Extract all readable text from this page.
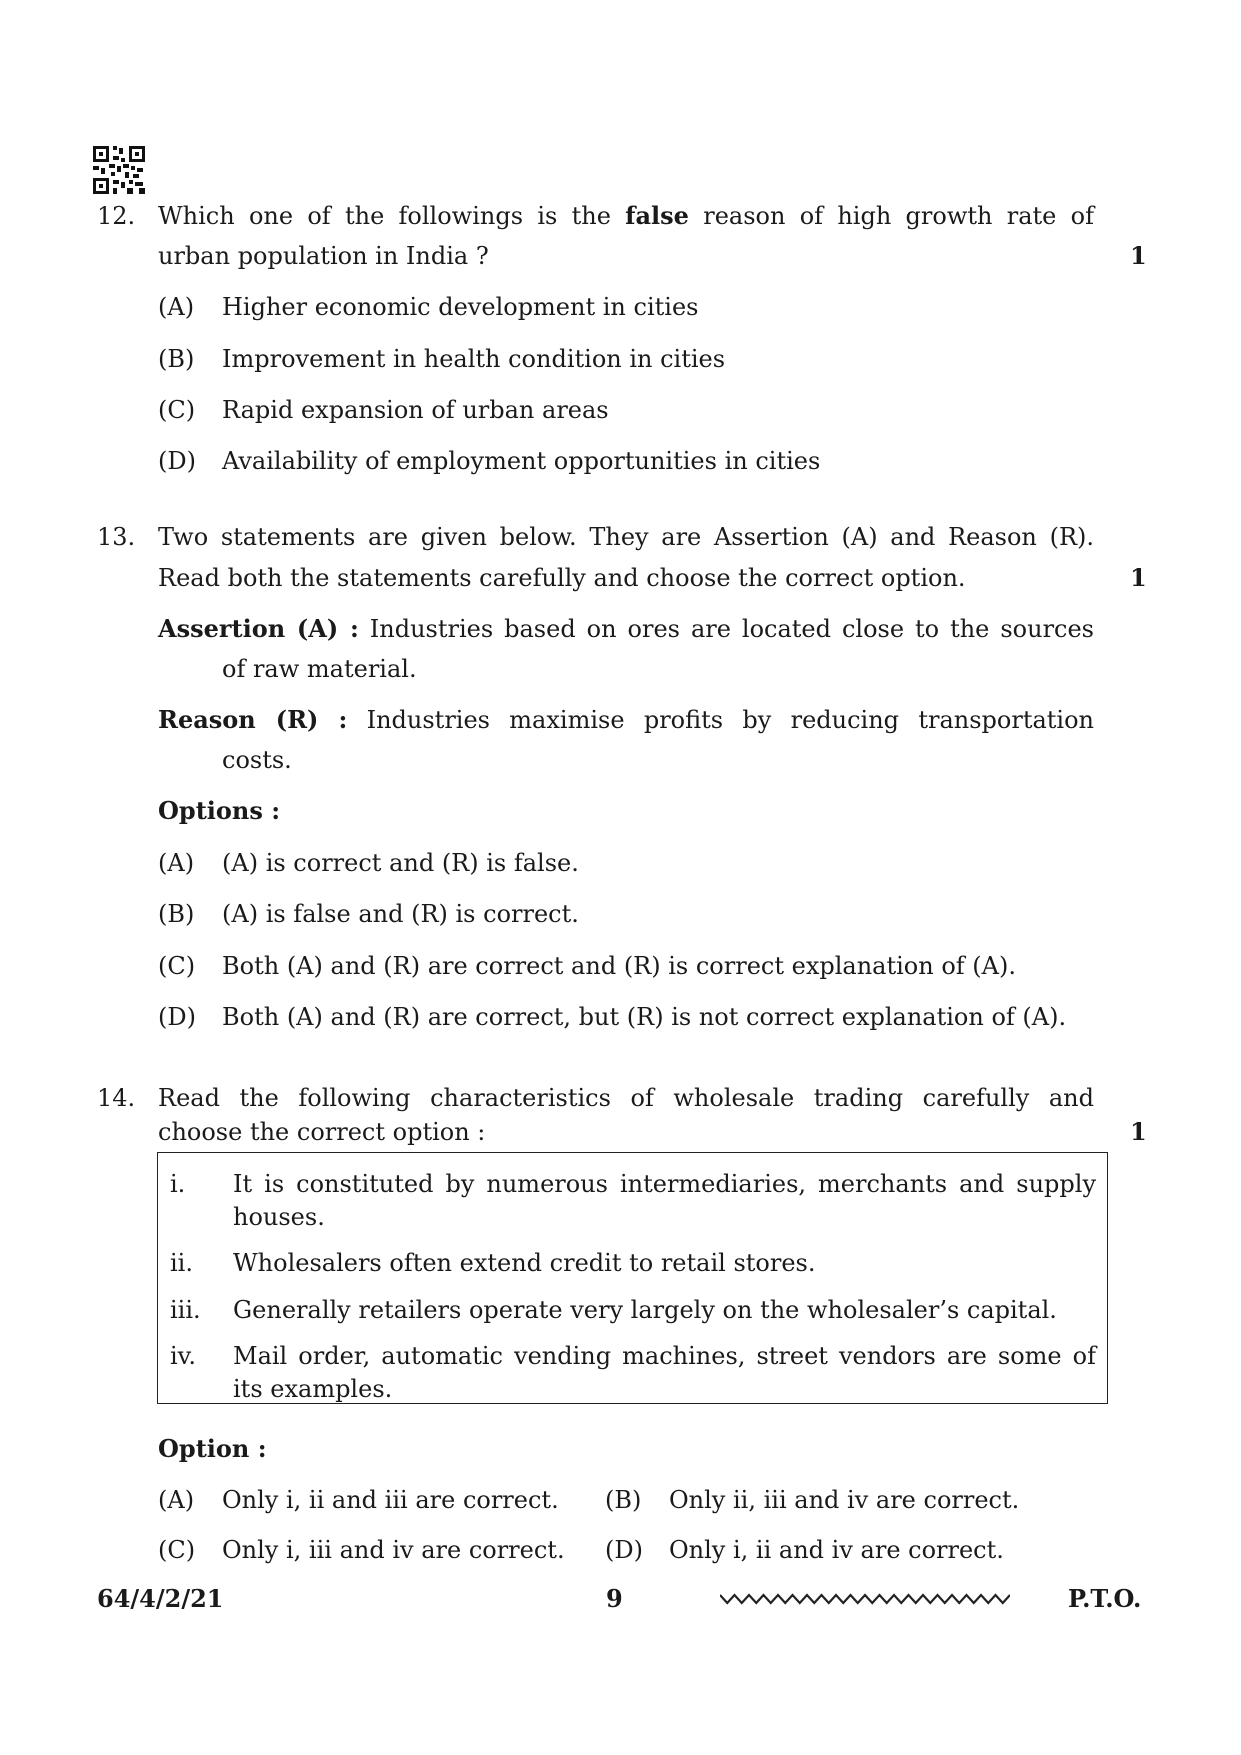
12. Which one of the followings is the false reason of high growth rate of
urban population in India ?	1
(A) Higher economic development in cities
(B) Improvement in health condition in cities
(C) Rapid expansion of urban areas
(D) Availability of employment opportunities in cities
13. Two statements are given below. They are Assertion (A) and Reason (R).
Read both the statements carefully and choose the correct option.	1
Assertion (A) : Industries based on ores are located close to the sources
of raw material.
Reason (R) : Industries maximise profits by reducing transportation
costs.
Options :
(A) (A) is correct and (R) is false.
(B) (A) is false and (R) is correct.
(C) Both (A) and (R) are correct and (R) is correct explanation of (A).
(D) Both (A) and (R) are correct, but (R) is not correct explanation of (A).
14. Read the following characteristics of wholesale trading carefully and
choose the correct option :	1
i. It is constituted by numerous intermediaries, merchants and supply
houses.
ii. Wholesalers often extend credit to retail stores.
iii. Generally retailers operate very largely on the wholesaler’s capital.
iv. Mail order, automatic vending machines, street vendors are some of
its examples.
Option :
(A) Only i, ii and iii are correct. (B) Only ii, iii and iv are correct.
(C) Only i, iii and iv are correct. (D) Only i, ii and iv are correct.
64/4/2/21	9	P.T.O.
